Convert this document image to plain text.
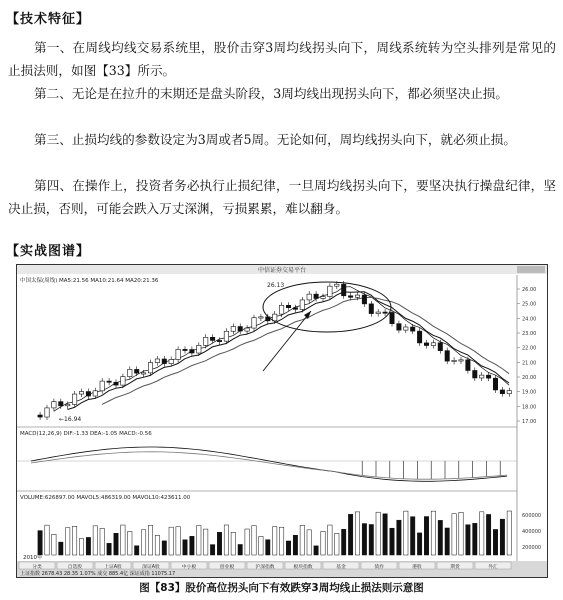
【技术特征】
第一、在周线均线交易系统里，股价击穿3周均线拐头向下，周线系统转为空头排列是常见的止损法则，如图【33】所示。
第二、无论是在拉升的末期还是盘头阶段，3周均线出现拐头向下，都必须坚决止损。
第三、止损均线的参数设定为3周或者5周。无论如何，周均线拐头向下，就必须止损。
第四、在操作上，投资者务必执行止损纪律，一旦周均线拐头向下，要坚决执行操盘纪律，坚决止损，否则，可能会跌入万丈深渊，亏损累累，难以翻身。
【实战图谱】
中信证券交易平台
中国太保(周线) MA5:21.56 MA10:21.64 MA20:21.36
26.00
25.00
24.00
23.00
22.00
21.00
20.00
19.00
18.00
17.00
26.13
←16.94
MACD(12,26,9) DIF:-1.33 DEA:-1.05 MACD:-0.56
VOLUME:626897.00 MAVOL5:486319.00 MAVOL10:423611.00
600000
400000
200000
2010年
分类	自选股	上证A股	深证A股	中小板	创业板	沪深指数	板块指数	基金	债券	港股	期货	外汇
上证指数 2678.43 28.35 1.07% 成交 885.4亿 深证成指 11075.17
图【83】股价高位拐头向下有效跌穿3周均线止损法则示意图
